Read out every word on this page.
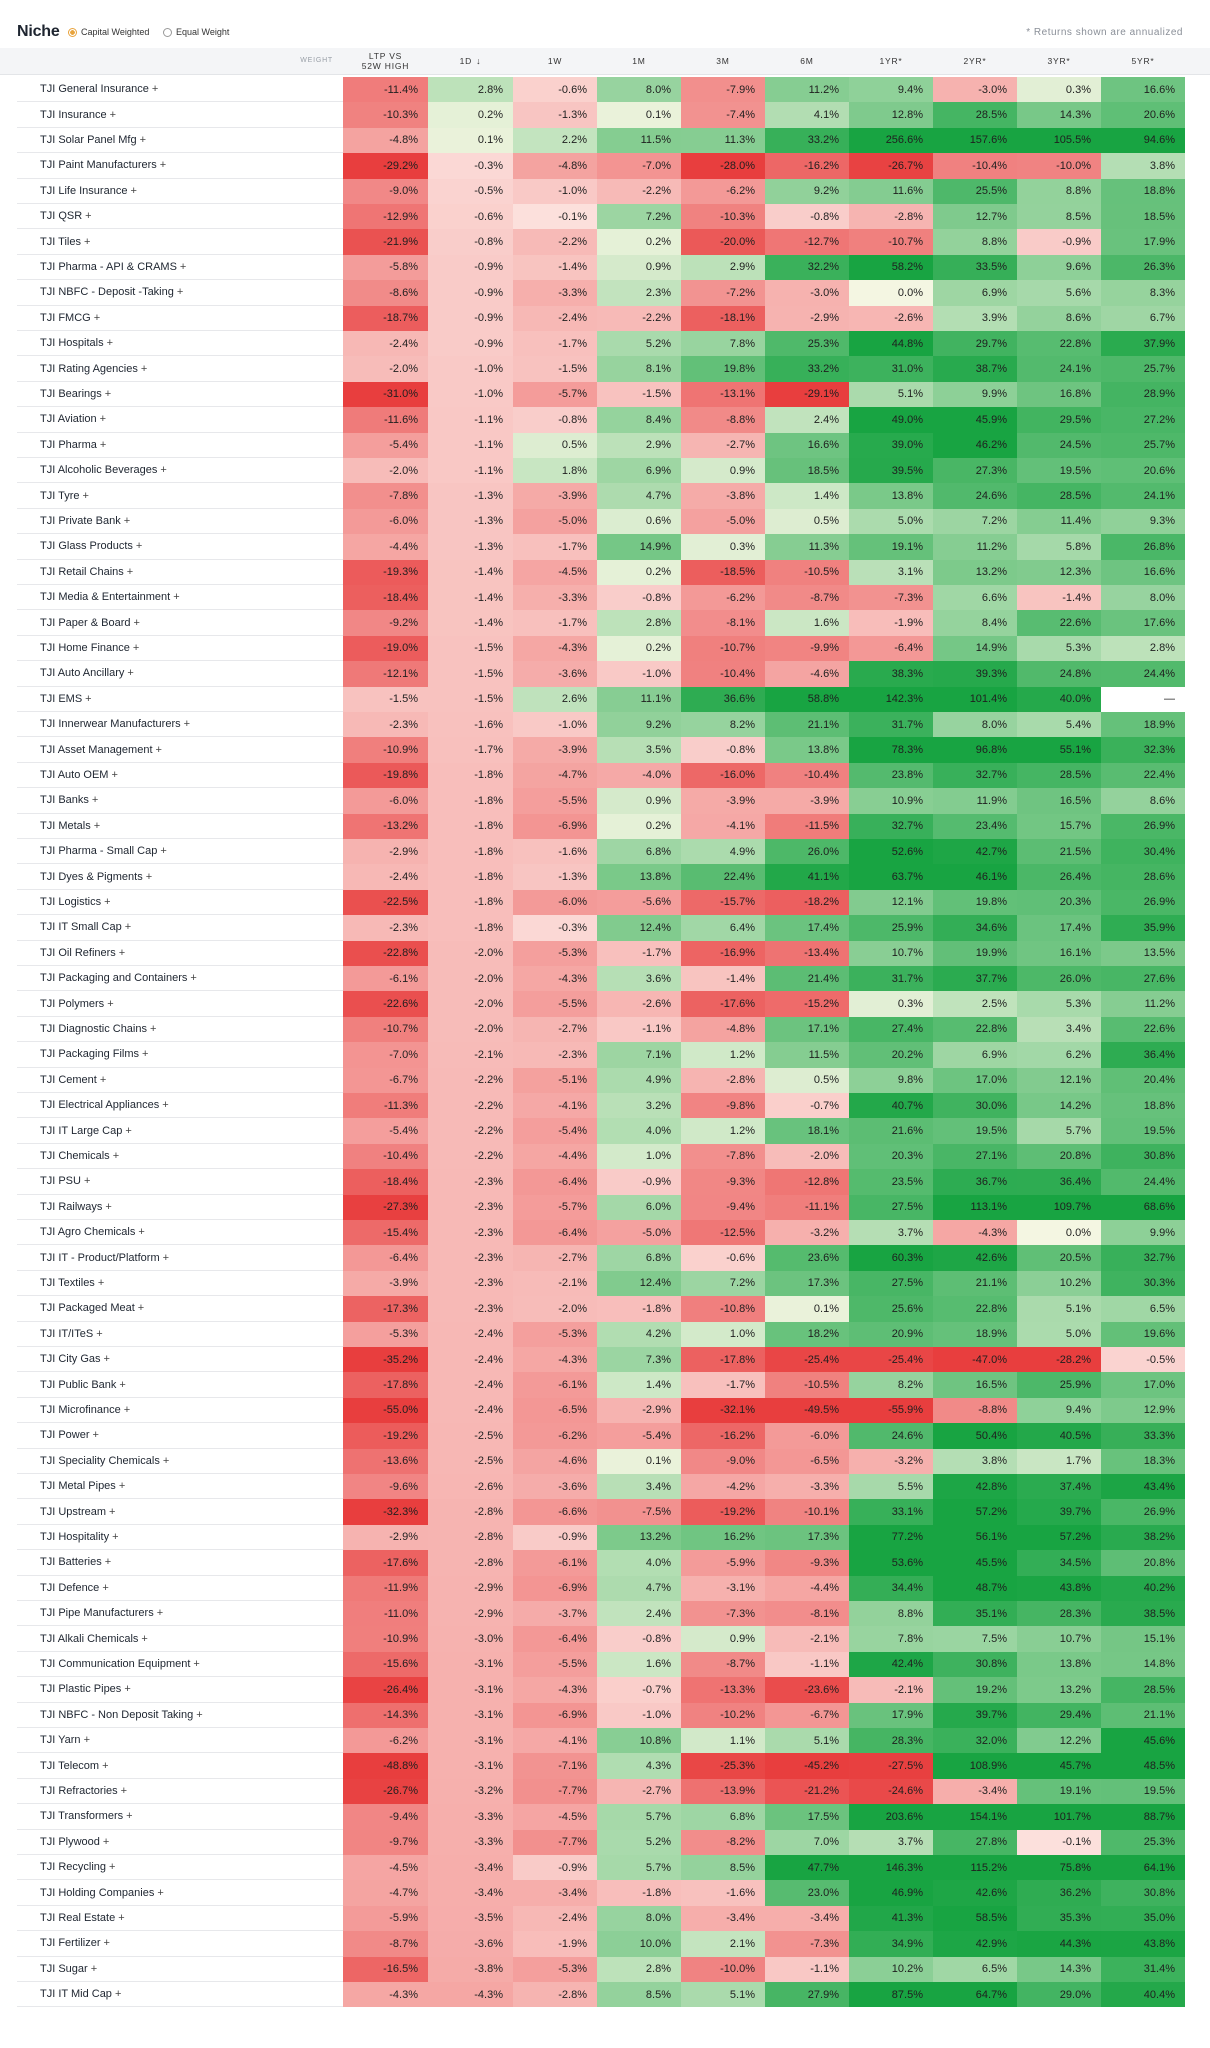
Niche Capital Weighted	Equal Weight	* Returns shown are annualized
WEIGHT	LTP VS 52W HIGH	1D ↓	1W	1M	3M	6M	1YR*	2YR*	3YR*	5YR*
TJI General Insurance +	-11.4%	2.8%	-0.6%	8.0%	-7.9%	11.2%	9.4%	-3.0%	0.3%	16.6%
TJI Insurance +	-10.3%	0.2%	-1.3%	0.1%	-7.4%	4.1%	12.8%	28.5%	14.3%	20.6%
TJI Solar Panel Mfg +	-4.8%	0.1%	2.2%	11.5%	11.3%	33.2%	256.6%	157.6%	105.5%	94.6%
TJI Paint Manufacturers +	-29.2%	-0.3%	-4.8%	-7.0%	-28.0%	-16.2%	-26.7%	-10.4%	-10.0%	3.8%
TJI Life Insurance +	-9.0%	-0.5%	-1.0%	-2.2%	-6.2%	9.2%	11.6%	25.5%	8.8%	18.8%
TJI QSR +	-12.9%	-0.6%	-0.1%	7.2%	-10.3%	-0.8%	-2.8%	12.7%	8.5%	18.5%
TJI Tiles +	-21.9%	-0.8%	-2.2%	0.2%	-20.0%	-12.7%	-10.7%	8.8%	-0.9%	17.9%
TJI Pharma - API & CRAMS +	-5.8%	-0.9%	-1.4%	0.9%	2.9%	32.2%	58.2%	33.5%	9.6%	26.3%
TJI NBFC - Deposit -Taking +	-8.6%	-0.9%	-3.3%	2.3%	-7.2%	-3.0%	0.0%	6.9%	5.6%	8.3%
TJI FMCG +	-18.7%	-0.9%	-2.4%	-2.2%	-18.1%	-2.9%	-2.6%	3.9%	8.6%	6.7%
TJI Hospitals +	-2.4%	-0.9%	-1.7%	5.2%	7.8%	25.3%	44.8%	29.7%	22.8%	37.9%
TJI Rating Agencies +	-2.0%	-1.0%	-1.5%	8.1%	19.8%	33.2%	31.0%	38.7%	24.1%	25.7%
TJI Bearings +	-31.0%	-1.0%	-5.7%	-1.5%	-13.1%	-29.1%	5.1%	9.9%	16.8%	28.9%
TJI Aviation +	-11.6%	-1.1%	-0.8%	8.4%	-8.8%	2.4%	49.0%	45.9%	29.5%	27.2%
TJI Pharma +	-5.4%	-1.1%	0.5%	2.9%	-2.7%	16.6%	39.0%	46.2%	24.5%	25.7%
TJI Alcoholic Beverages +	-2.0%	-1.1%	1.8%	6.9%	0.9%	18.5%	39.5%	27.3%	19.5%	20.6%
TJI Tyre +	-7.8%	-1.3%	-3.9%	4.7%	-3.8%	1.4%	13.8%	24.6%	28.5%	24.1%
TJI Private Bank +	-6.0%	-1.3%	-5.0%	0.6%	-5.0%	0.5%	5.0%	7.2%	11.4%	9.3%
TJI Glass Products +	-4.4%	-1.3%	-1.7%	14.9%	0.3%	11.3%	19.1%	11.2%	5.8%	26.8%
TJI Retail Chains +	-19.3%	-1.4%	-4.5%	0.2%	-18.5%	-10.5%	3.1%	13.2%	12.3%	16.6%
TJI Media & Entertainment +	-18.4%	-1.4%	-3.3%	-0.8%	-6.2%	-8.7%	-7.3%	6.6%	-1.4%	8.0%
TJI Paper & Board +	-9.2%	-1.4%	-1.7%	2.8%	-8.1%	1.6%	-1.9%	8.4%	22.6%	17.6%
TJI Home Finance +	-19.0%	-1.5%	-4.3%	0.2%	-10.7%	-9.9%	-6.4%	14.9%	5.3%	2.8%
TJI Auto Ancillary +	-12.1%	-1.5%	-3.6%	-1.0%	-10.4%	-4.6%	38.3%	39.3%	24.8%	24.4%
TJI EMS +	-1.5%	-1.5%	2.6%	11.1%	36.6%	58.8%	142.3%	101.4%	40.0%	—
TJI Innerwear Manufacturers +	-2.3%	-1.6%	-1.0%	9.2%	8.2%	21.1%	31.7%	8.0%	5.4%	18.9%
TJI Asset Management +	-10.9%	-1.7%	-3.9%	3.5%	-0.8%	13.8%	78.3%	96.8%	55.1%	32.3%
TJI Auto OEM +	-19.8%	-1.8%	-4.7%	-4.0%	-16.0%	-10.4%	23.8%	32.7%	28.5%	22.4%
TJI Banks +	-6.0%	-1.8%	-5.5%	0.9%	-3.9%	-3.9%	10.9%	11.9%	16.5%	8.6%
TJI Metals +	-13.2%	-1.8%	-6.9%	0.2%	-4.1%	-11.5%	32.7%	23.4%	15.7%	26.9%
TJI Pharma - Small Cap +	-2.9%	-1.8%	-1.6%	6.8%	4.9%	26.0%	52.6%	42.7%	21.5%	30.4%
TJI Dyes & Pigments +	-2.4%	-1.8%	-1.3%	13.8%	22.4%	41.1%	63.7%	46.1%	26.4%	28.6%
TJI Logistics +	-22.5%	-1.8%	-6.0%	-5.6%	-15.7%	-18.2%	12.1%	19.8%	20.3%	26.9%
TJI IT Small Cap +	-2.3%	-1.8%	-0.3%	12.4%	6.4%	17.4%	25.9%	34.6%	17.4%	35.9%
TJI Oil Refiners +	-22.8%	-2.0%	-5.3%	-1.7%	-16.9%	-13.4%	10.7%	19.9%	16.1%	13.5%
TJI Packaging and Containers +	-6.1%	-2.0%	-4.3%	3.6%	-1.4%	21.4%	31.7%	37.7%	26.0%	27.6%
TJI Polymers +	-22.6%	-2.0%	-5.5%	-2.6%	-17.6%	-15.2%	0.3%	2.5%	5.3%	11.2%
TJI Diagnostic Chains +	-10.7%	-2.0%	-2.7%	-1.1%	-4.8%	17.1%	27.4%	22.8%	3.4%	22.6%
TJI Packaging Films +	-7.0%	-2.1%	-2.3%	7.1%	1.2%	11.5%	20.2%	6.9%	6.2%	36.4%
TJI Cement +	-6.7%	-2.2%	-5.1%	4.9%	-2.8%	0.5%	9.8%	17.0%	12.1%	20.4%
TJI Electrical Appliances +	-11.3%	-2.2%	-4.1%	3.2%	-9.8%	-0.7%	40.7%	30.0%	14.2%	18.8%
TJI IT Large Cap +	-5.4%	-2.2%	-5.4%	4.0%	1.2%	18.1%	21.6%	19.5%	5.7%	19.5%
TJI Chemicals +	-10.4%	-2.2%	-4.4%	1.0%	-7.8%	-2.0%	20.3%	27.1%	20.8%	30.8%
TJI PSU +	-18.4%	-2.3%	-6.4%	-0.9%	-9.3%	-12.8%	23.5%	36.7%	36.4%	24.4%
TJI Railways +	-27.3%	-2.3%	-5.7%	6.0%	-9.4%	-11.1%	27.5%	113.1%	109.7%	68.6%
TJI Agro Chemicals +	-15.4%	-2.3%	-6.4%	-5.0%	-12.5%	-3.2%	3.7%	-4.3%	0.0%	9.9%
TJI IT - Product/Platform +	-6.4%	-2.3%	-2.7%	6.8%	-0.6%	23.6%	60.3%	42.6%	20.5%	32.7%
TJI Textiles +	-3.9%	-2.3%	-2.1%	12.4%	7.2%	17.3%	27.5%	21.1%	10.2%	30.3%
TJI Packaged Meat +	-17.3%	-2.3%	-2.0%	-1.8%	-10.8%	0.1%	25.6%	22.8%	5.1%	6.5%
TJI IT/ITeS +	-5.3%	-2.4%	-5.3%	4.2%	1.0%	18.2%	20.9%	18.9%	5.0%	19.6%
TJI City Gas +	-35.2%	-2.4%	-4.3%	7.3%	-17.8%	-25.4%	-25.4%	-47.0%	-28.2%	-0.5%
TJI Public Bank +	-17.8%	-2.4%	-6.1%	1.4%	-1.7%	-10.5%	8.2%	16.5%	25.9%	17.0%
TJI Microfinance +	-55.0%	-2.4%	-6.5%	-2.9%	-32.1%	-49.5%	-55.9%	-8.8%	9.4%	12.9%
TJI Power +	-19.2%	-2.5%	-6.2%	-5.4%	-16.2%	-6.0%	24.6%	50.4%	40.5%	33.3%
TJI Speciality Chemicals +	-13.6%	-2.5%	-4.6%	0.1%	-9.0%	-6.5%	-3.2%	3.8%	1.7%	18.3%
TJI Metal Pipes +	-9.6%	-2.6%	-3.6%	3.4%	-4.2%	-3.3%	5.5%	42.8%	37.4%	43.4%
TJI Upstream +	-32.3%	-2.8%	-6.6%	-7.5%	-19.2%	-10.1%	33.1%	57.2%	39.7%	26.9%
TJI Hospitality +	-2.9%	-2.8%	-0.9%	13.2%	16.2%	17.3%	77.2%	56.1%	57.2%	38.2%
TJI Batteries +	-17.6%	-2.8%	-6.1%	4.0%	-5.9%	-9.3%	53.6%	45.5%	34.5%	20.8%
TJI Defence +	-11.9%	-2.9%	-6.9%	4.7%	-3.1%	-4.4%	34.4%	48.7%	43.8%	40.2%
TJI Pipe Manufacturers +	-11.0%	-2.9%	-3.7%	2.4%	-7.3%	-8.1%	8.8%	35.1%	28.3%	38.5%
TJI Alkali Chemicals +	-10.9%	-3.0%	-6.4%	-0.8%	0.9%	-2.1%	7.8%	7.5%	10.7%	15.1%
TJI Communication Equipment +	-15.6%	-3.1%	-5.5%	1.6%	-8.7%	-1.1%	42.4%	30.8%	13.8%	14.8%
TJI Plastic Pipes +	-26.4%	-3.1%	-4.3%	-0.7%	-13.3%	-23.6%	-2.1%	19.2%	13.2%	28.5%
TJI NBFC - Non Deposit Taking +	-14.3%	-3.1%	-6.9%	-1.0%	-10.2%	-6.7%	17.9%	39.7%	29.4%	21.1%
TJI Yarn +	-6.2%	-3.1%	-4.1%	10.8%	1.1%	5.1%	28.3%	32.0%	12.2%	45.6%
TJI Telecom +	-48.8%	-3.1%	-7.1%	4.3%	-25.3%	-45.2%	-27.5%	108.9%	45.7%	48.5%
TJI Refractories +	-26.7%	-3.2%	-7.7%	-2.7%	-13.9%	-21.2%	-24.6%	-3.4%	19.1%	19.5%
TJI Transformers +	-9.4%	-3.3%	-4.5%	5.7%	6.8%	17.5%	203.6%	154.1%	101.7%	88.7%
TJI Plywood +	-9.7%	-3.3%	-7.7%	5.2%	-8.2%	7.0%	3.7%	27.8%	-0.1%	25.3%
TJI Recycling +	-4.5%	-3.4%	-0.9%	5.7%	8.5%	47.7%	146.3%	115.2%	75.8%	64.1%
TJI Holding Companies +	-4.7%	-3.4%	-3.4%	-1.8%	-1.6%	23.0%	46.9%	42.6%	36.2%	30.8%
TJI Real Estate +	-5.9%	-3.5%	-2.4%	8.0%	-3.4%	-3.4%	41.3%	58.5%	35.3%	35.0%
TJI Fertilizer +	-8.7%	-3.6%	-1.9%	10.0%	2.1%	-7.3%	34.9%	42.9%	44.3%	43.8%
TJI Sugar +	-16.5%	-3.8%	-5.3%	2.8%	-10.0%	-1.1%	10.2%	6.5%	14.3%	31.4%
TJI IT Mid Cap +	-4.3%	-4.3%	-2.8%	8.5%	5.1%	27.9%	87.5%	64.7%	29.0%	40.4%
